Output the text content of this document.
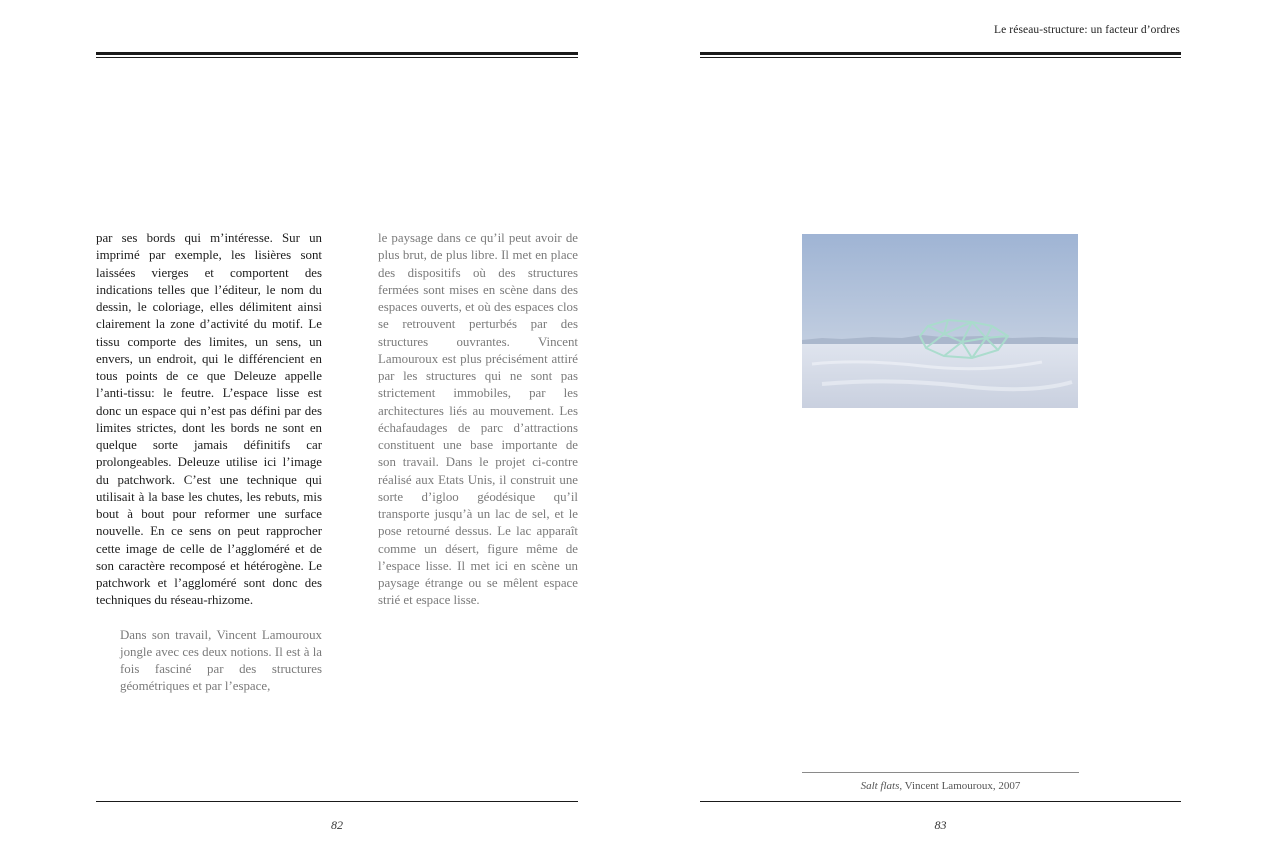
par ses bords qui m’intéresse. Sur un imprimé par exemple, les lisières sont laissées vierges et comportent des indications telles que l’éditeur, le nom du dessin, le coloriage, elles délimitent ainsi clairement la zone d’activité du motif. Le tissu comporte des limites, un sens, un envers, un endroit, qui le différencient en tous points de ce que Deleuze appelle l’anti-tissu: le feutre. L’espace lisse est donc un espace qui n’est pas défini par des limites strictes, dont les bords ne sont en quelque sorte jamais définitifs car prolongeables. Deleuze utilise ici l’image du patchwork. C’est une technique qui utilisait à la base les chutes, les rebuts, mis bout à bout pour reformer une surface nouvelle. En ce sens on peut rapprocher cette image de celle de l’aggloméré et de son caractère recomposé et hétérogène. Le patchwork et l’aggloméré sont donc des techniques du réseau-rhizome.

Dans son travail, Vincent Lamouroux jongle avec ces deux notions. Il est à la fois fasciné par des structures géométriques et par l’espace,

le paysage dans ce qu’il peut avoir de plus brut, de plus libre. Il met en place des dispositifs où des structures fermées sont mises en scène dans des espaces ouverts, et où des espaces clos se retrouvent perturbés par des structures ouvrantes. Vincent Lamouroux est plus précisément attiré par les structures qui ne sont pas strictement immobiles, par les architectures liés au mouvement. Les échafaudages de parc d’attractions constituent une base importante de son travail. Dans le projet ci-contre réalisé aux Etats Unis, il construit une sorte d’igloo géodésique qu’il transporte jusqu’à un lac de sel, et le pose retourné dessus. Le lac apparaît comme un désert, figure même de l’espace lisse. Il met ici en scène un paysage étrange ou se mêlent espace strié et espace lisse.

82
Le réseau-structure: un facteur d’ordres
Salt flats, Vincent Lamouroux, 2007
83
